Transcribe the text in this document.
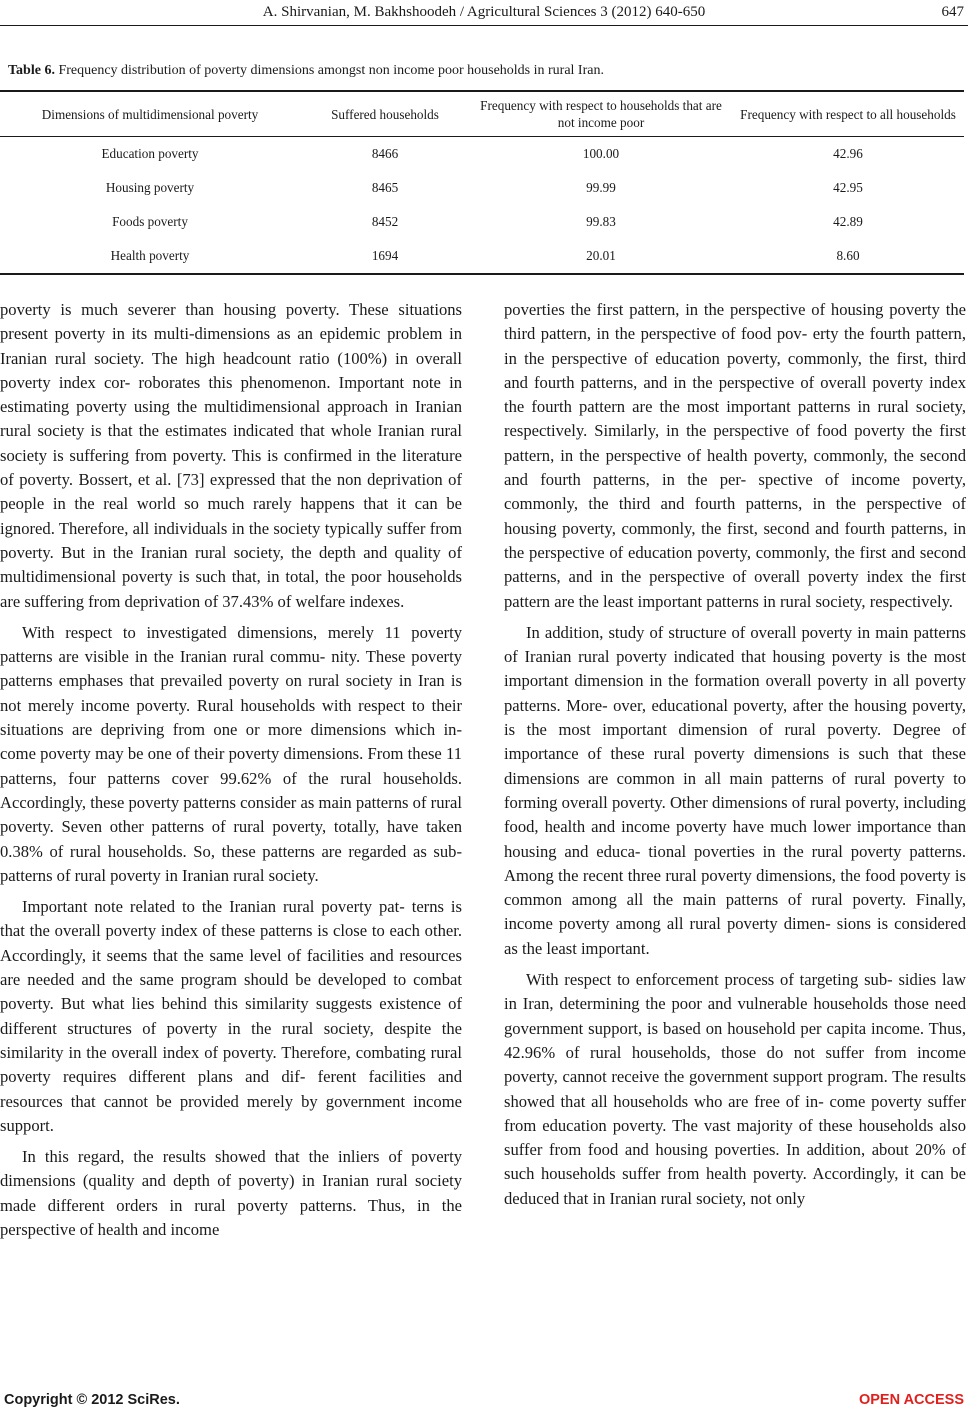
A. Shirvanian, M. Bakhshoodeh / Agricultural Sciences 3 (2012) 640-650	647
Table 6. Frequency distribution of poverty dimensions amongst non income poor households in rural Iran.
Dimensions of multidimensional poverty	Suffered households	Frequency with respect to households that are not income poor	Frequency with respect to all households
Education poverty	8466	100.00	42.96
Housing poverty	8465	99.99	42.95
Foods poverty	8452	99.83	42.89
Health poverty	1694	20.01	8.60

poverty is much severer than housing poverty. These situations present poverty in its multi-dimensions as an epidemic problem in Iranian rural society. The high headcount ratio (100%) in overall poverty index cor- roborates this phenomenon. Important note in estimating poverty using the multidimensional approach in Iranian rural society is that the estimates indicated that whole Iranian rural society is suffering from poverty. This is confirmed in the literature of poverty. Bossert, et al. [73] expressed that the non deprivation of people in the real world so much rarely happens that it can be ignored. Therefore, all individuals in the society typically suffer from poverty. But in the Iranian rural society, the depth and quality of multidimensional poverty is such that, in total, the poor households are suffering from deprivation of 37.43% of welfare indexes.

With respect to investigated dimensions, merely 11 poverty patterns are visible in the Iranian rural commu- nity. These poverty patterns emphases that prevailed poverty on rural society in Iran is not merely income poverty. Rural households with respect to their situations are depriving from one or more dimensions which in- come poverty may be one of their poverty dimensions. From these 11 patterns, four patterns cover 99.62% of the rural households. Accordingly, these poverty patterns consider as main patterns of rural poverty. Seven other patterns of rural poverty, totally, have taken 0.38% of rural households. So, these patterns are regarded as sub- patterns of rural poverty in Iranian rural society.

Important note related to the Iranian rural poverty pat- terns is that the overall poverty index of these patterns is close to each other. Accordingly, it seems that the same level of facilities and resources are needed and the same program should be developed to combat poverty. But what lies behind this similarity suggests existence of different structures of poverty in the rural society, despite the similarity in the overall index of poverty. Therefore, combating rural poverty requires different plans and dif- ferent facilities and resources that cannot be provided merely by government income support.

In this regard, the results showed that the inliers of poverty dimensions (quality and depth of poverty) in Iranian rural society made different orders in rural poverty patterns. Thus, in the perspective of health and income

poverties the first pattern, in the perspective of housing poverty the third pattern, in the perspective of food pov- erty the fourth pattern, in the perspective of education poverty, commonly, the first, third and fourth patterns, and in the perspective of overall poverty index the fourth pattern are the most important patterns in rural society, respectively. Similarly, in the perspective of food poverty the first pattern, in the perspective of health poverty, commonly, the second and fourth patterns, in the per- spective of income poverty, commonly, the third and fourth patterns, in the perspective of housing poverty, commonly, the first, second and fourth patterns, in the perspective of education poverty, commonly, the first and second patterns, and in the perspective of overall poverty index the first pattern are the least important patterns in rural society, respectively.

In addition, study of structure of overall poverty in main patterns of Iranian rural poverty indicated that housing poverty is the most important dimension in the formation overall poverty in all poverty patterns. More- over, educational poverty, after the housing poverty, is the most important dimension of rural poverty. Degree of importance of these rural poverty dimensions is such that these dimensions are common in all main patterns of rural poverty to forming overall poverty. Other dimensions of rural poverty, including food, health and income poverty have much lower importance than housing and educa- tional poverties in the rural poverty patterns. Among the recent three rural poverty dimensions, the food poverty is common among all the main patterns of rural poverty. Finally, income poverty among all rural poverty dimen- sions is considered as the least important.

With respect to enforcement process of targeting sub- sidies law in Iran, determining the poor and vulnerable households those need government support, is based on household per capita income. Thus, 42.96% of rural households, those do not suffer from income poverty, cannot receive the government support program. The results showed that all households who are free of in- come poverty suffer from education poverty. The vast majority of these households also suffer from food and housing poverties. In addition, about 20% of such households suffer from health poverty. Accordingly, it can be deduced that in Iranian rural society, not only

Copyright © 2012 SciRes.	OPEN ACCESS
